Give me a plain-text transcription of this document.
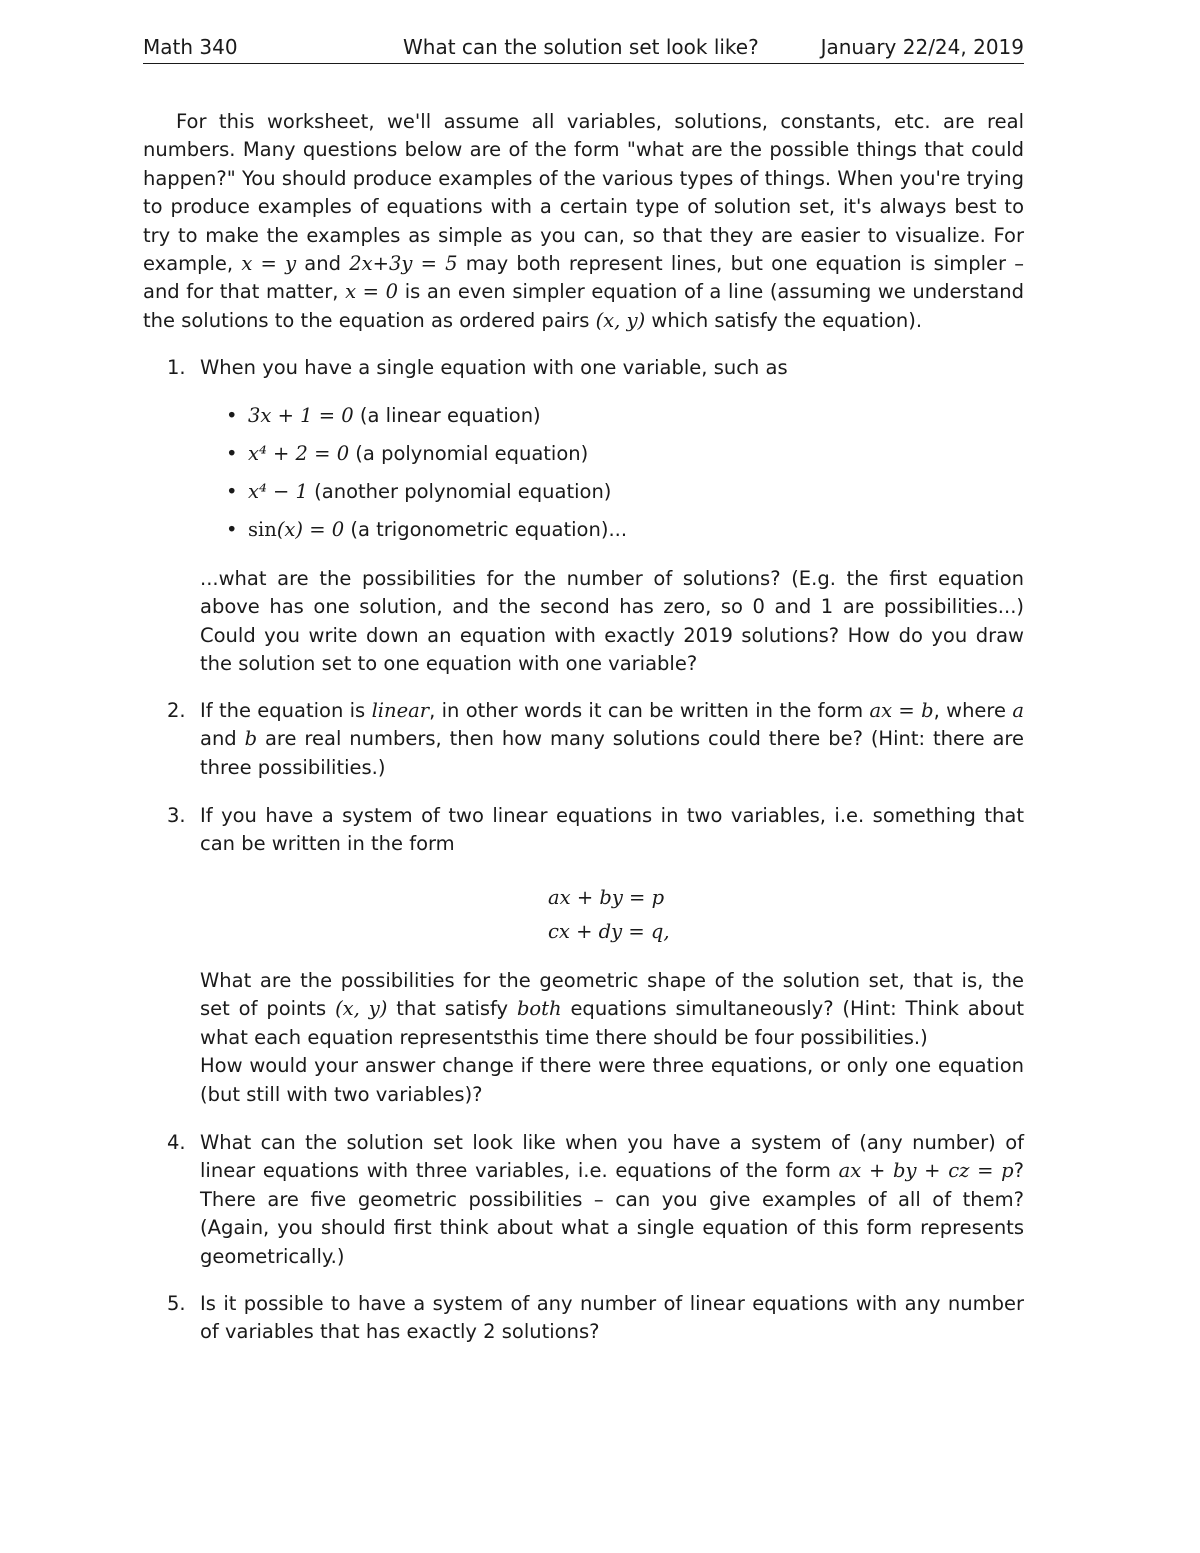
Math 340	What can the solution set look like?	January 22/24, 2019
For this worksheet, we'll assume all variables, solutions, constants, etc. are real numbers. Many questions below are of the form "what are the possible things that could happen?" You should produce examples of the various types of things. When you're trying to produce examples of equations with a certain type of solution set, it's always best to try to make the examples as simple as you can, so that they are easier to visualize. For example, x = y and 2x+3y = 5 may both represent lines, but one equation is simpler – and for that matter, x = 0 is an even simpler equation of a line (assuming we understand the solutions to the equation as ordered pairs (x, y) which satisfy the equation).
1. When you have a single equation with one variable, such as
• 3x + 1 = 0 (a linear equation)
• x⁴ + 2 = 0 (a polynomial equation)
• x⁴ − 1 (another polynomial equation)
• sin(x) = 0 (a trigonometric equation)...
...what are the possibilities for the number of solutions? (E.g. the first equation above has one solution, and the second has zero, so 0 and 1 are possibilities...) Could you write down an equation with exactly 2019 solutions? How do you draw the solution set to one equation with one variable?
2. If the equation is linear, in other words it can be written in the form ax = b, where a and b are real numbers, then how many solutions could there be? (Hint: there are three possibilities.)
3. If you have a system of two linear equations in two variables, i.e. something that can be written in the form
ax + by = p
cx + dy = q,
What are the possibilities for the geometric shape of the solution set, that is, the set of points (x, y) that satisfy both equations simultaneously? (Hint: Think about what each equation representsthis time there should be four possibilities.)
How would your answer change if there were three equations, or only one equation (but still with two variables)?
4. What can the solution set look like when you have a system of (any number) of linear equations with three variables, i.e. equations of the form ax + by + cz = p? There are five geometric possibilities – can you give examples of all of them? (Again, you should first think about what a single equation of this form represents geometrically.)
5. Is it possible to have a system of any number of linear equations with any number of variables that has exactly 2 solutions?
